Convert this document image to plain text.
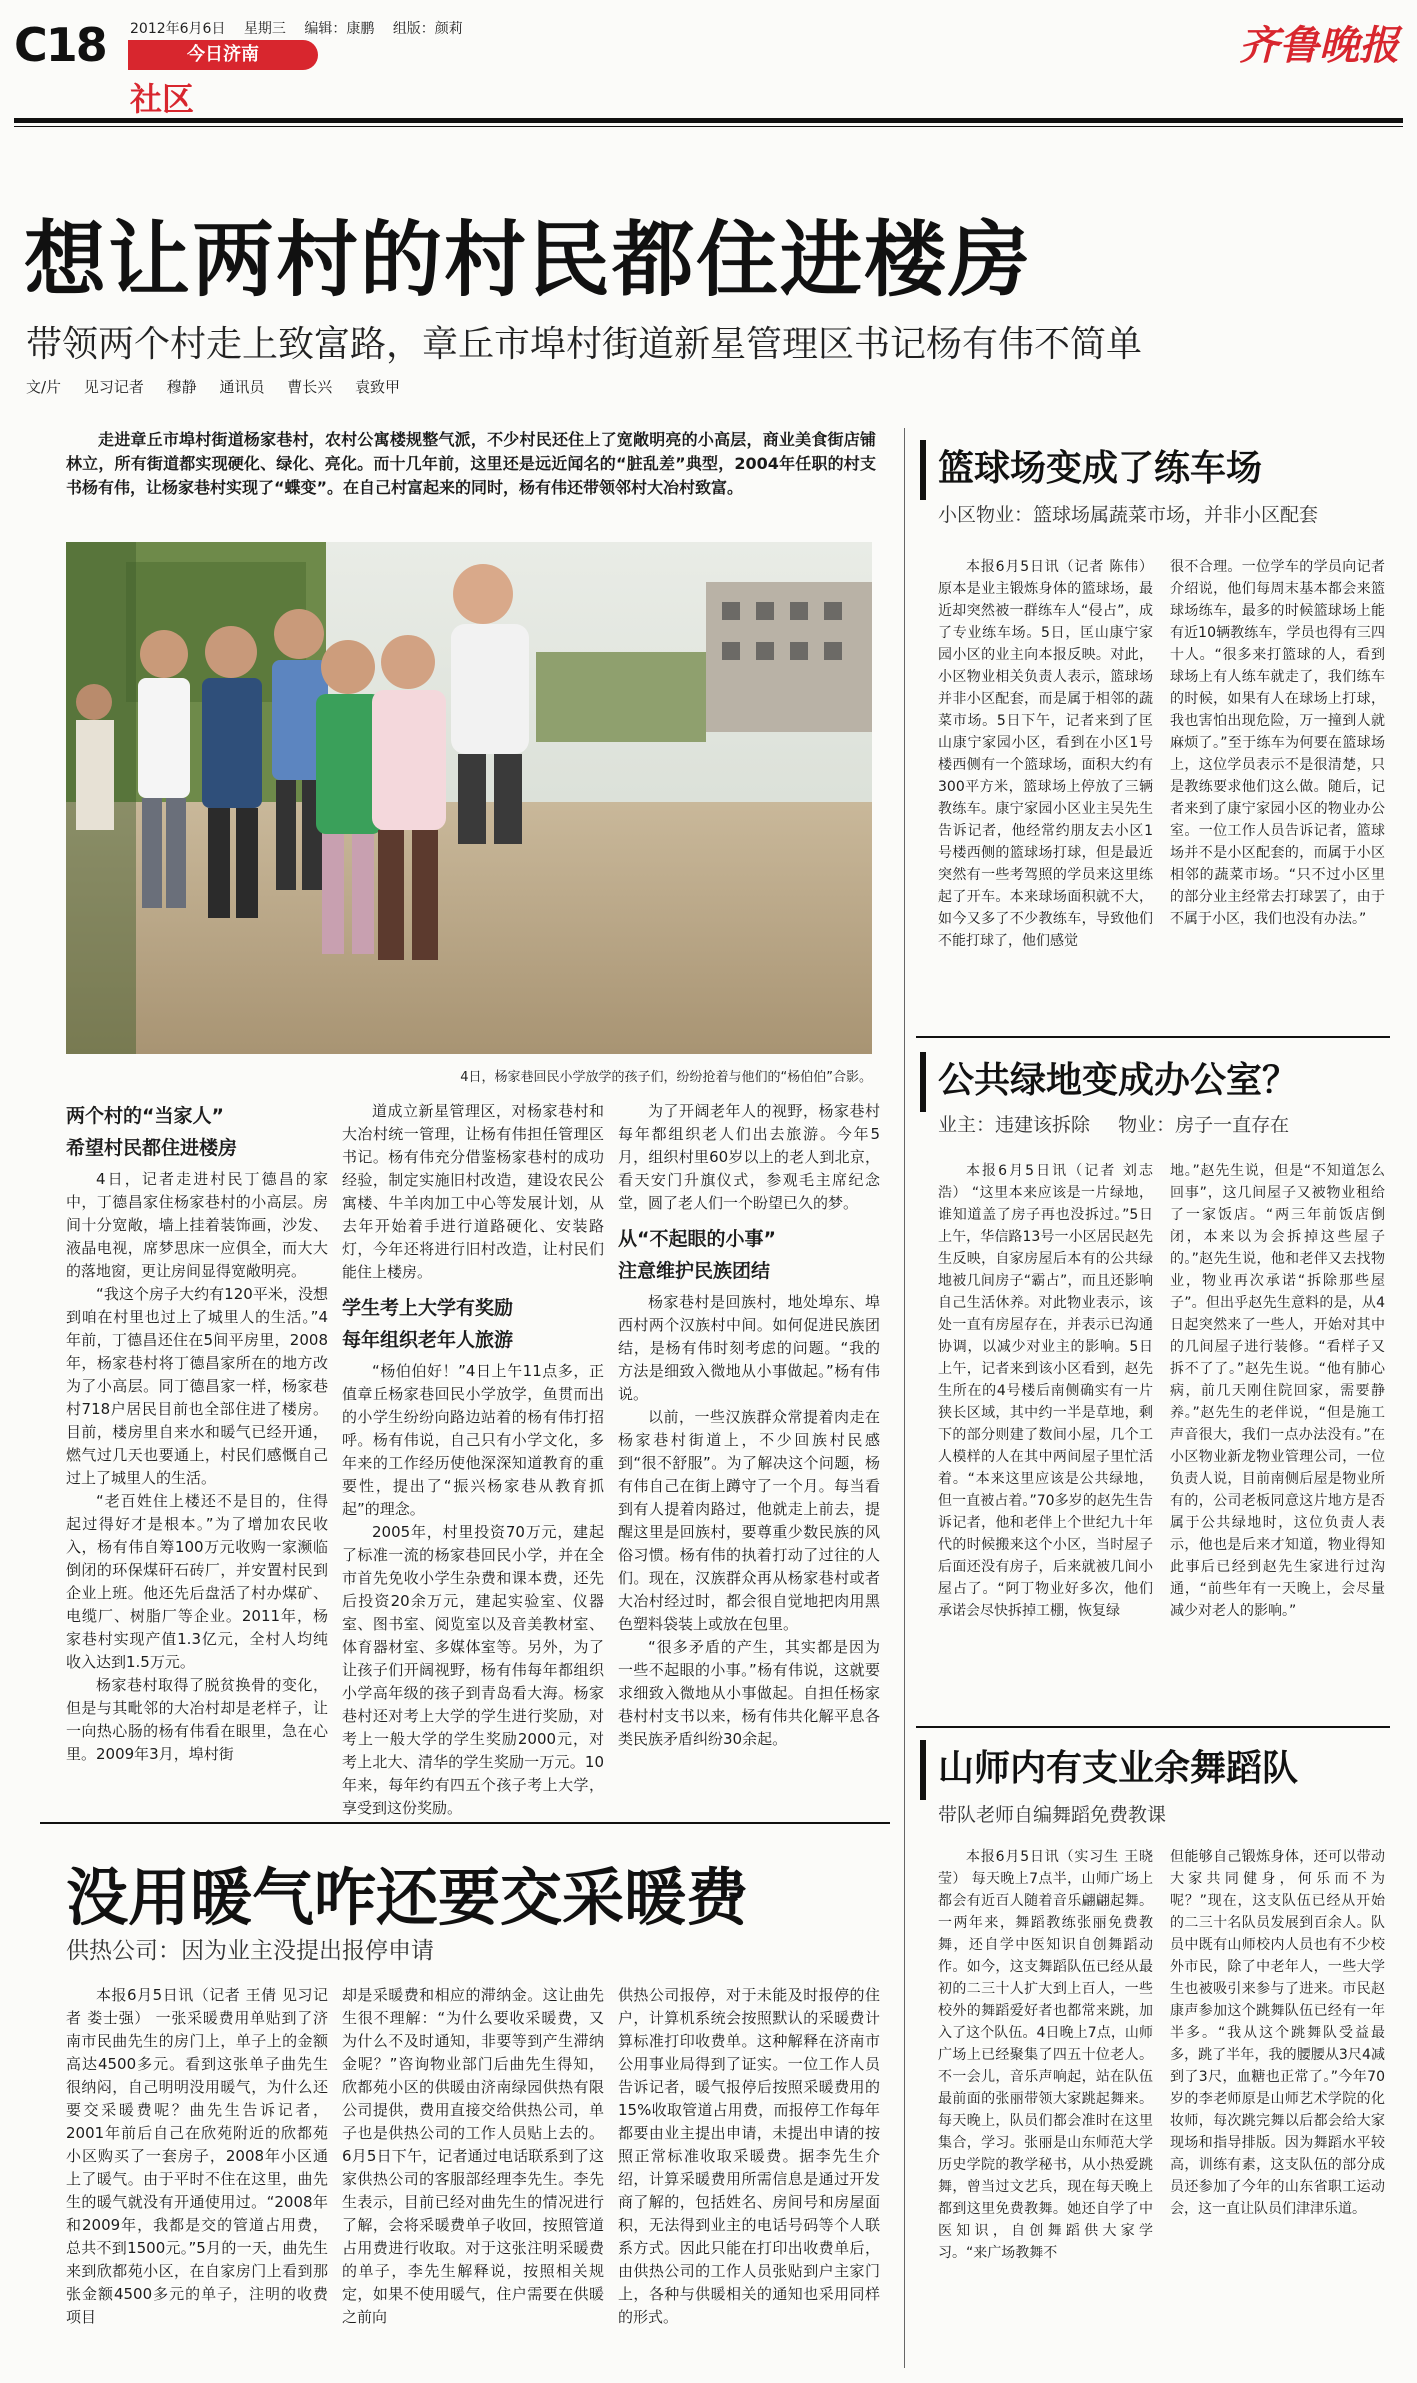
C18 2012年6月6日 星期三 编辑：康鹏 组版：颜莉
今日济南
社区
齐鲁晚报
想让两村的村民都住进楼房
带领两个村走上致富路，章丘市埠村街道新星管理区书记杨有伟不简单
文/片 见习记者 穆静 通讯员 曹长兴 袁致甲

走进章丘市埠村街道杨家巷村，农村公寓楼规整气派，不少村民还住上了宽敞明亮的小高层，商业美食街店铺林立，所有街道都实现硬化、绿化、亮化。而十几年前，这里还是远近闻名的“脏乱差”典型，2004年任职的村支书杨有伟，让杨家巷村实现了“蝶变”。在自己村富起来的同时，杨有伟还带领邻村大冶村致富。

4日，杨家巷回民小学放学的孩子们，纷纷抢着与他们的“杨伯伯”合影。

两个村的“当家人”

希望村民都住进楼房

4日，记者走进村民丁德昌的家中，丁德昌家住杨家巷村的小高层。房间十分宽敞，墙上挂着装饰画，沙发、液晶电视，席梦思床一应俱全，而大大的落地窗，更让房间显得宽敞明亮。

“我这个房子大约有120平米，没想到咱在村里也过上了城里人的生活。”4年前，丁德昌还住在5间平房里，2008年，杨家巷村将丁德昌家所在的地方改为了小高层。同丁德昌家一样，杨家巷村718户居民目前也全部住进了楼房。目前，楼房里自来水和暖气已经开通，燃气过几天也要通上，村民们感慨自己过上了城里人的生活。

“老百姓住上楼还不是目的，住得起过得好才是根本。”为了增加农民收入，杨有伟自筹100万元收购一家濒临倒闭的环保煤矸石砖厂，并安置村民到企业上班。他还先后盘活了村办煤矿、电缆厂、树脂厂等企业。2011年，杨家巷村实现产值1.3亿元，全村人均纯收入达到1.5万元。

杨家巷村取得了脱贫换骨的变化，但是与其毗邻的大冶村却是老样子，让一向热心肠的杨有伟看在眼里，急在心里。2009年3月，埠村街

道成立新星管理区，对杨家巷村和大冶村统一管理，让杨有伟担任管理区书记。杨有伟充分借鉴杨家巷村的成功经验，制定实施旧村改造，建设农民公寓楼、牛羊肉加工中心等发展计划，从去年开始着手进行道路硬化、安装路灯，今年还将进行旧村改造，让村民们能住上楼房。

学生考上大学有奖励

每年组织老年人旅游

“杨伯伯好！”4日上午11点多，正值章丘杨家巷回民小学放学，鱼贯而出的小学生纷纷向路边站着的杨有伟打招呼。杨有伟说，自己只有小学文化，多年来的工作经历使他深深知道教育的重要性，提出了“振兴杨家巷从教育抓起”的理念。

2005年，村里投资70万元，建起了标准一流的杨家巷回民小学，并在全市首先免收小学生杂费和课本费，还先后投资20余万元，建起实验室、仪器室、图书室、阅览室以及音美教材室、体育器材室、多媒体室等。另外，为了让孩子们开阔视野，杨有伟每年都组织小学高年级的孩子到青岛看大海。杨家巷村还对考上大学的学生进行奖励，对考上一般大学的学生奖励2000元，对考上北大、清华的学生奖励一万元。10年来，每年约有四五个孩子考上大学，享受到这份奖励。

为了开阔老年人的视野，杨家巷村每年都组织老人们出去旅游。今年5月，组织村里60岁以上的老人到北京，看天安门升旗仪式，参观毛主席纪念堂，圆了老人们一个盼望已久的梦。

从“不起眼的小事”

注意维护民族团结

杨家巷村是回族村，地处埠东、埠西村两个汉族村中间。如何促进民族团结，是杨有伟时刻考虑的问题。“我的方法是细致入微地从小事做起。”杨有伟说。

以前，一些汉族群众常提着肉走在杨家巷村街道上，不少回族村民感到“很不舒服”。为了解决这个问题，杨有伟自己在街上蹲守了一个月。每当看到有人提着肉路过，他就走上前去，提醒这里是回族村，要尊重少数民族的风俗习惯。杨有伟的执着打动了过往的人们。现在，汉族群众再从杨家巷村或者大冶村经过时，都会很自觉地把肉用黑色塑料袋装上或放在包里。

“很多矛盾的产生，其实都是因为一些不起眼的小事。”杨有伟说，这就要求细致入微地从小事做起。自担任杨家巷村村支书以来，杨有伟共化解平息各类民族矛盾纠纷30余起。

篮球场变成了练车场
小区物业：篮球场属蔬菜市场，并非小区配套

本报6月5日讯（记者 陈伟） 原本是业主锻炼身体的篮球场，最近却突然被一群练车人“侵占”，成了专业练车场。5日，匡山康宁家园小区的业主向本报反映。对此，小区物业相关负责人表示，篮球场并非小区配套，而是属于相邻的蔬菜市场。5日下午，记者来到了匡山康宁家园小区，看到在小区1号楼西侧有一个篮球场，面积大约有300平方米，篮球场上停放了三辆教练车。康宁家园小区业主吴先生告诉记者，他经常约朋友去小区1号楼西侧的篮球场打球，但是最近突然有一些考驾照的学员来这里练起了开车。本来球场面积就不大，如今又多了不少教练车，导致他们不能打球了，他们感觉

很不合理。一位学车的学员向记者介绍说，他们每周末基本都会来篮球场练车，最多的时候篮球场上能有近10辆教练车，学员也得有三四十人。“很多来打篮球的人，看到球场上有人练车就走了，我们练车的时候，如果有人在球场上打球，我也害怕出现危险，万一撞到人就麻烦了。”至于练车为何要在篮球场上，这位学员表示不是很清楚，只是教练要求他们这么做。随后，记者来到了康宁家园小区的物业办公室。一位工作人员告诉记者，篮球场并不是小区配套的，而属于小区相邻的蔬菜市场。“只不过小区里的部分业主经常去打球罢了，由于不属于小区，我们也没有办法。”

公共绿地变成办公室？
业主：违建该拆除 物业：房子一直存在

本报6月5日讯（记者 刘志浩） “这里本来应该是一片绿地，谁知道盖了房子再也没拆过。”5日上午，华信路13号一小区居民赵先生反映，自家房屋后本有的公共绿地被几间房子“霸占”，而且还影响自己生活休养。对此物业表示，该处一直有房屋存在，并表示已沟通协调，以减少对业主的影响。5日上午，记者来到该小区看到，赵先生所在的4号楼后南侧确实有一片狭长区域，其中约一半是草地，剩下的部分则建了数间小屋，几个工人模样的人在其中两间屋子里忙活着。“本来这里应该是公共绿地，但一直被占着。”70多岁的赵先生告诉记者，他和老伴上个世纪九十年代的时候搬来这个小区，当时屋子后面还没有房子，后来就被几间小屋占了。“阿丁物业好多次，他们承诺会尽快拆掉工棚，恢复绿

地。”赵先生说，但是“不知道怎么回事”，这几间屋子又被物业租给了一家饭店。“两三年前饭店倒闭，本来以为会拆掉这些屋子的。”赵先生说，他和老伴又去找物业，物业再次承诺“拆除那些屋子”。但出乎赵先生意料的是，从4日起突然来了一些人，开始对其中的几间屋子进行装修。“看样子又拆不了了。”赵先生说。“他有肺心病，前几天刚住院回家，需要静养。”赵先生的老伴说，“但是施工声音很大，我们一点办法没有。”在小区物业新龙物业管理公司，一位负责人说，目前南侧后屋是物业所有的，公司老板同意这片地方是否属于公共绿地时，这位负责人表示，他也是后来才知道，物业得知此事后已经到赵先生家进行过沟通，“前些年有一天晚上，会尽量减少对老人的影响。”

山师内有支业余舞蹈队
带队老师自编舞蹈免费教课

本报6月5日讯（实习生 王晓莹） 每天晚上7点半，山师广场上都会有近百人随着音乐翩翩起舞。一两年来，舞蹈教练张丽免费教舞，还自学中医知识自创舞蹈动作。如今，这支舞蹈队伍已经从最初的二三十人扩大到上百人，一些校外的舞蹈爱好者也都常来跳，加入了这个队伍。4日晚上7点，山师广场上已经聚集了四五十位老人。不一会儿，音乐声响起，站在队伍最前面的张丽带领大家跳起舞来。每天晚上，队员们都会准时在这里集合，学习。张丽是山东师范大学历史学院的教学秘书，从小热爱跳舞，曾当过文艺兵，现在每天晚上都到这里免费教舞。她还自学了中医知识，自创舞蹈供大家学习。“来广场教舞不

但能够自己锻炼身体，还可以带动大家共同健身，何乐而不为呢？”现在，这支队伍已经从开始的二三十名队员发展到百余人。队员中既有山师校内人员也有不少校外市民，除了中老年人，一些大学生也被吸引来参与了进来。市民赵康声参加这个跳舞队伍已经有一年半多。“我从这个跳舞队受益最多，跳了半年，我的腰腰从3尺4减到了3尺，血糖也正常了。”今年70岁的李老师原是山师艺术学院的化妆师，每次跳完舞以后都会给大家现场和指导排版。因为舞蹈水平较高，训练有素，这支队伍的部分成员还参加了今年的山东省职工运动会，这一直让队员们津津乐道。

没用暖气咋还要交采暖费
供热公司：因为业主没提出报停申请

本报6月5日讯（记者 王倩 见习记者 娄士强） 一张采暖费用单贴到了济南市民曲先生的房门上，单子上的金额高达4500多元。看到这张单子曲先生很纳闷，自己明明没用暖气，为什么还要交采暖费呢？曲先生告诉记者，2001年前后自己在欣苑附近的欣都苑小区购买了一套房子，2008年小区通上了暖气。由于平时不住在这里，曲先生的暖气就没有开通使用过。“2008年和2009年，我都是交的管道占用费，总共不到1500元。”5月的一天，曲先生来到欣都苑小区，在自家房门上看到那张金额4500多元的单子，注明的收费项目

却是采暖费和相应的滞纳金。这让曲先生很不理解：“为什么要收采暖费，又为什么不及时通知，非要等到产生滞纳金呢？”咨询物业部门后曲先生得知，欣都苑小区的供暖由济南绿园供热有限公司提供，费用直接交给供热公司，单子也是供热公司的工作人员贴上去的。6月5日下午，记者通过电话联系到了这家供热公司的客服部经理李先生。李先生表示，目前已经对曲先生的情况进行了解，会将采暖费单子收回，按照管道占用费进行收取。对于这张注明采暖费的单子，李先生解释说，按照相关规定，如果不使用暖气，住户需要在供暖之前向

供热公司报停，对于未能及时报停的住户，计算机系统会按照默认的采暖费计算标准打印收费单。这种解释在济南市公用事业局得到了证实。一位工作人员告诉记者，暖气报停后按照采暖费用的15%收取管道占用费，而报停工作每年都要由业主提出申请，未提出申请的按照正常标准收取采暖费。据李先生介绍，计算采暖费用所需信息是通过开发商了解的，包括姓名、房间号和房屋面积，无法得到业主的电话号码等个人联系方式。因此只能在打印出收费单后，由供热公司的工作人员张贴到户主家门上，各种与供暖相关的通知也采用同样的形式。
